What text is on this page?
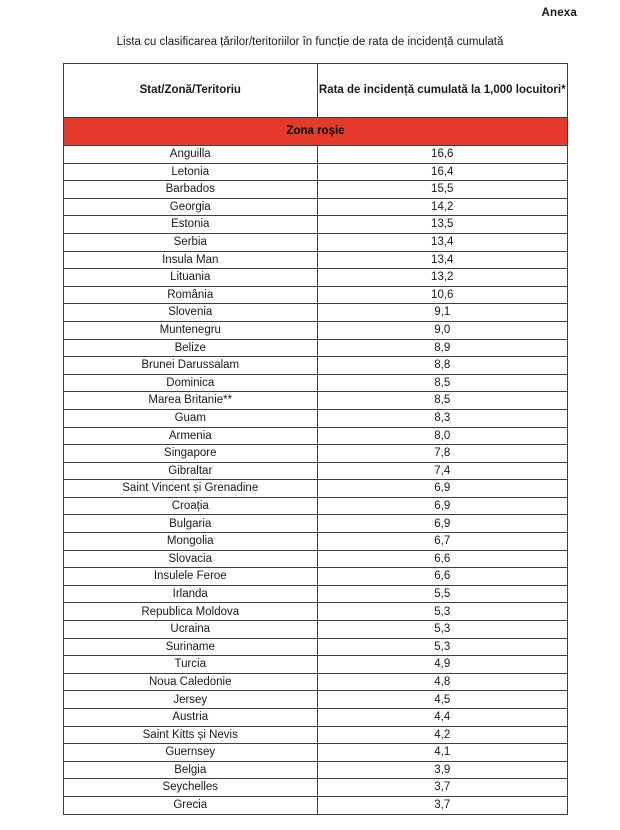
Anexa
Lista cu clasificarea țărilor/teritoriilor în funcție de rata de incidență cumulată
Stat/Zonă/Teritoriu	Rata de incidență cumulată la 1,000 locuitori*
Zona roșie	
Anguilla	16,6
Letonia	16,4
Barbados	15,5
Georgia	14,2
Estonia	13,5
Serbia	13,4
Insula Man	13,4
Lituania	13,2
România	10,6
Slovenia	9,1
Muntenegru	9,0
Belize	8,9
Brunei Darussalam	8,8
Dominica	8,5
Marea Britanie**	8,5
Guam	8,3
Armenia	8,0
Singapore	7,8
Gibraltar	7,4
Saint Vincent și Grenadine	6,9
Croația	6,9
Bulgaria	6,9
Mongolia	6,7
Slovacia	6,6
Insulele Feroe	6,6
Irlanda	5,5
Republica Moldova	5,3
Ucraina	5,3
Suriname	5,3
Turcia	4,9
Noua Caledonie	4,8
Jersey	4,5
Austria	4,4
Saint Kitts și Nevis	4,2
Guernsey	4,1
Belgia	3,9
Seychelles	3,7
Grecia	3,7
